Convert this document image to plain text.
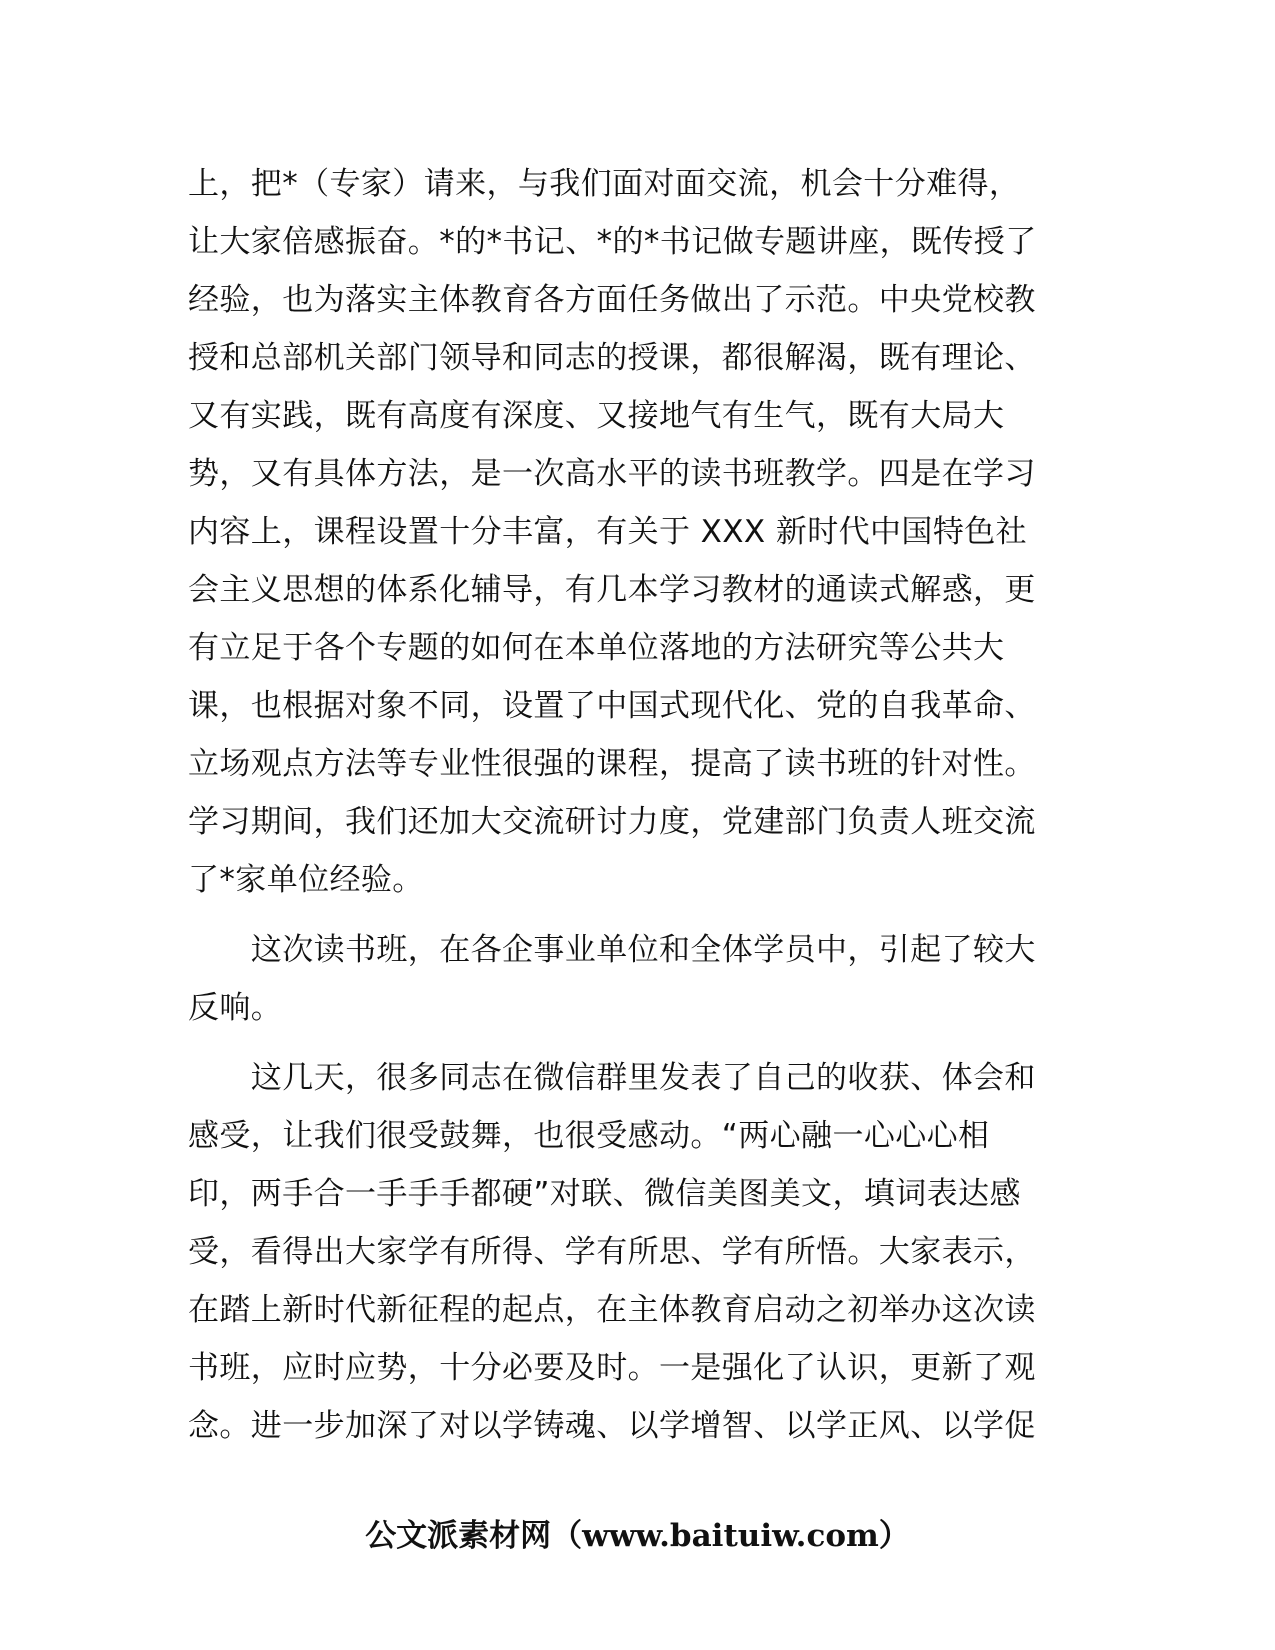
上，把*（专家）请来，与我们面对面交流，机会十分难得，
让大家倍感振奋。*的*书记、*的*书记做专题讲座，既传授了
经验，也为落实主体教育各方面任务做出了示范。中央党校教
授和总部机关部门领导和同志的授课，都很解渴，既有理论、
又有实践，既有高度有深度、又接地气有生气，既有大局大
势，又有具体方法，是一次高水平的读书班教学。四是在学习
内容上，课程设置十分丰富，有关于 XXX 新时代中国特色社
会主义思想的体系化辅导，有几本学习教材的通读式解惑，更
有立足于各个专题的如何在本单位落地的方法研究等公共大
课，也根据对象不同，设置了中国式现代化、党的自我革命、
立场观点方法等专业性很强的课程，提高了读书班的针对性。
学习期间，我们还加大交流研讨力度，党建部门负责人班交流
了*家单位经验。

　　这次读书班，在各企事业单位和全体学员中，引起了较大
反响。

　　这几天，很多同志在微信群里发表了自己的收获、体会和
感受，让我们很受鼓舞，也很受感动。“两心融一心心心相
印，两手合一手手手都硬”对联、微信美图美文，填词表达感
受，看得出大家学有所得、学有所思、学有所悟。大家表示，
在踏上新时代新征程的起点，在主体教育启动之初举办这次读
书班，应时应势，十分必要及时。一是强化了认识，更新了观
念。进一步加深了对以学铸魂、以学增智、以学正风、以学促

公文派素材网（www.baituiw.com）
